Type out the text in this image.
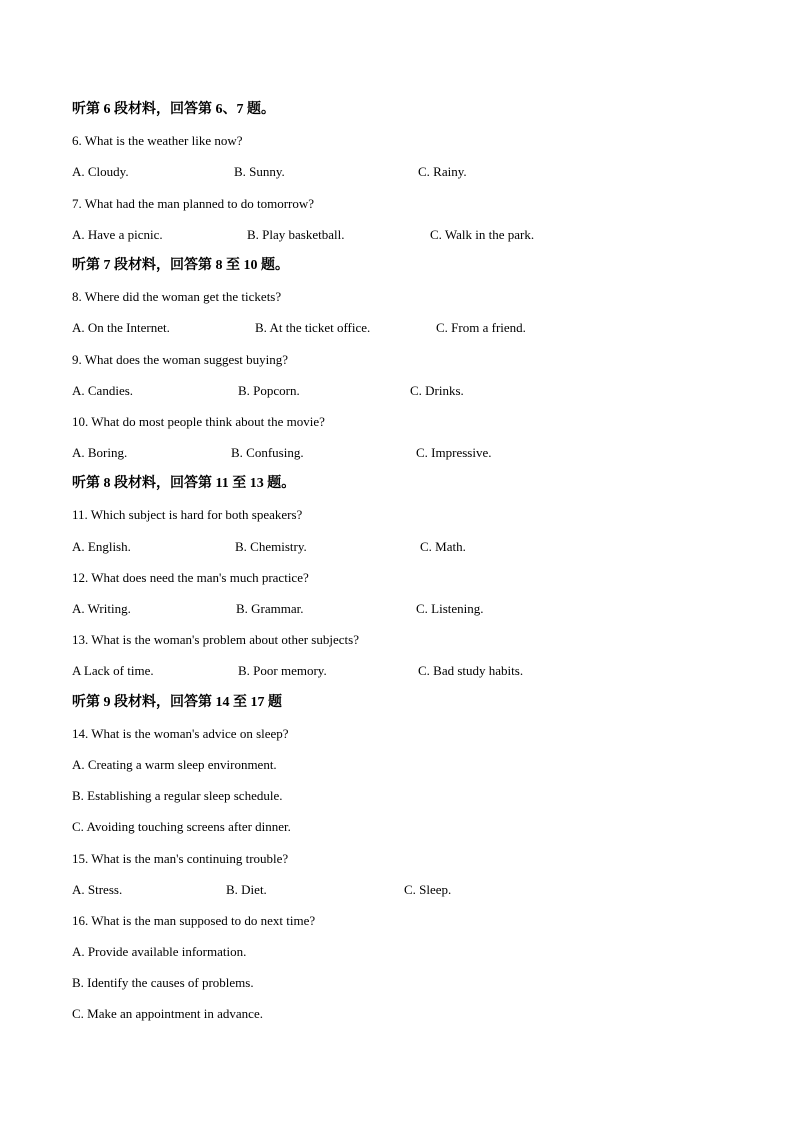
听第 6 段材料，回答第 6、7 题。
6. What is the weather like now?
A. Cloudy.	B. Sunny.	C. Rainy.
7. What had the man planned to do tomorrow?
A. Have a picnic.	B. Play basketball.	C. Walk in the park.
听第 7 段材料，回答第 8 至 10 题。
8. Where did the woman get the tickets?
A. On the Internet.	B. At the ticket office.	C. From a friend.
9. What does the woman suggest buying?
A. Candies.	B. Popcorn.	C. Drinks.
10. What do most people think about the movie?
A. Boring.	B. Confusing.	C. Impressive.
听第 8 段材料，回答第 11 至 13 题。
11. Which subject is hard for both speakers?
A. English.	B. Chemistry.	C. Math.
12. What does need the man's much practice?
A. Writing.	B. Grammar.	C. Listening.
13. What is the woman's problem about other subjects?
A Lack of time.	B. Poor memory.	C. Bad study habits.
听第 9 段材料，回答第 14 至 17 题
14. What is the woman's advice on sleep?
A. Creating a warm sleep environment.
B. Establishing a regular sleep schedule.
C. Avoiding touching screens after dinner.
15. What is the man's continuing trouble?
A. Stress.	B. Diet.	C. Sleep.
16. What is the man supposed to do next time?
A. Provide available information.
B. Identify the causes of problems.
C. Make an appointment in advance.
